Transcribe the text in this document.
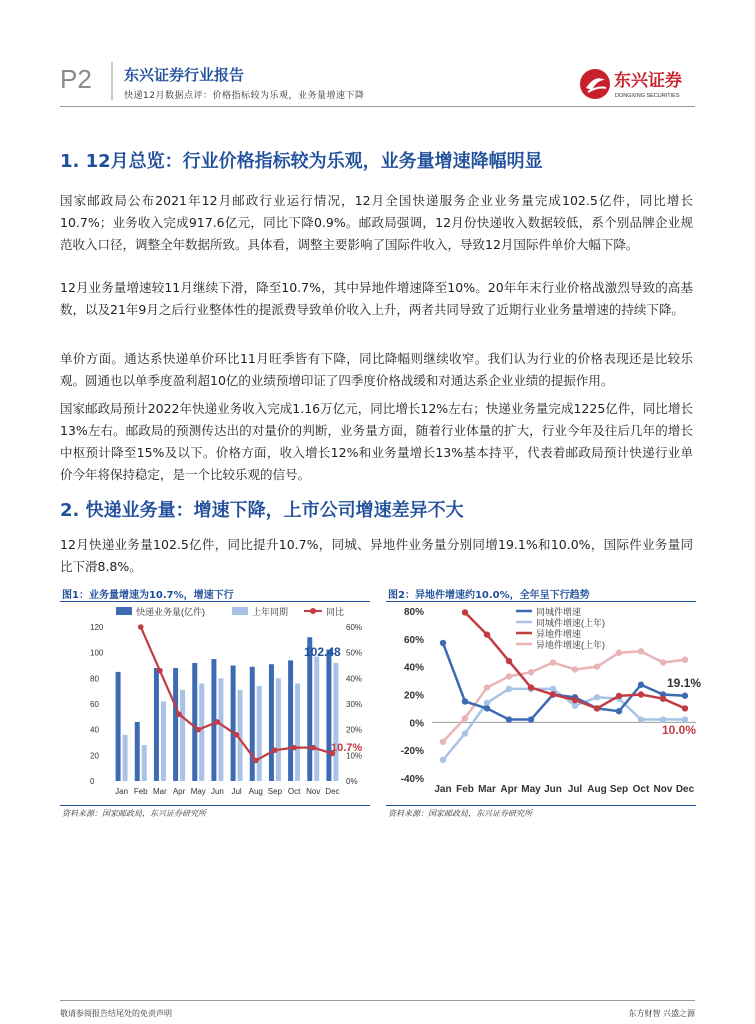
P2 东兴证券行业报告
快递12月数据点评：价格指标较为乐观，业务量增速下降
东兴证券
DONGXING SECURITIES
1. 12月总览：行业价格指标较为乐观，业务量增速降幅明显

国家邮政局公布2021年12月邮政行业运行情况，12月全国快递服务企业业务量完成102.5亿件，同比增长10.7%；业务收入完成917.6亿元，同比下降0.9%。邮政局强调，12月份快递收入数据较低，系个别品牌企业规范收入口径，调整全年数据所致。具体看，调整主要影响了国际件收入，导致12月国际件单价大幅下降。

12月业务量增速较11月继续下滑，降至10.7%，其中异地件增速降至10%。20年年末行业价格战激烈导致的高基数，以及21年9月之后行业整体性的提派费导致单价收入上升，两者共同导致了近期行业业务量增速的持续下降。

单价方面。通达系快递单价环比11月旺季皆有下降，同比降幅则继续收窄。我们认为行业的价格表现还是比较乐观。圆通也以单季度盈利超10亿的业绩预增印证了四季度价格战缓和对通达系企业业绩的提振作用。

国家邮政局预计2022年快递业务收入完成1.16万亿元，同比增长12%左右；快递业务量完成1225亿件，同比增长13%左右。邮政局的预测传达出的对量价的判断，业务量方面，随着行业体量的扩大，行业今年及往后几年的增长中枢预计降至15%及以下。价格方面，收入增长12%和业务量增长13%基本持平，代表着邮政局预计快递行业单价今年将保持稳定，是一个比较乐观的信号。

2. 快递业务量：增速下降，上市公司增速差异不大

12月快递业务量102.5亿件，同比提升10.7%，同城、异地件业务量分别同增19.1%和10.0%，国际件业务量同比下滑8.8%。

图1：业务量增速为10.7%，增速下行
0
20
40
60
80
100
120
0%
10%
20%
30%
40%
50%
60%
Jan Feb Mar Apr May Jun Jul Aug Sep Oct Nov Dec
快递业务量(亿件)	上年同期	同比
102.48
10.7%
资料来源：国家邮政局，东兴证券研究所
图2：异地件增速约10.0%，全年呈下行趋势
-40%
-20%
0%
20%
40%
60%
80%
Jan Feb Mar Apr May Jun Jul Aug Sep Oct Nov Dec
同城件增速
同城件增速(上年)
异地件增速
异地件增速(上年)
19.1%
10.0%
资料来源：国家邮政局，东兴证券研究所
敬请参阅报告结尾处的免责声明	东方财智 兴盛之源
